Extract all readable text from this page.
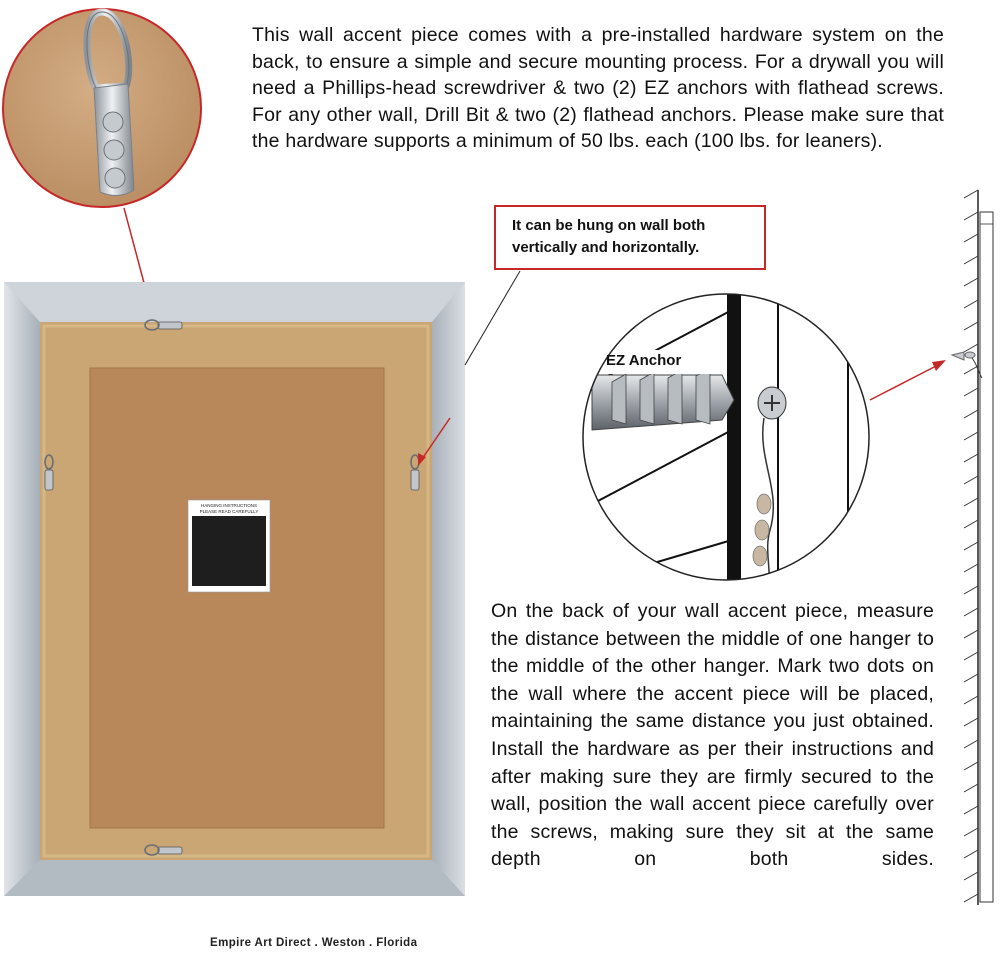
HANGING INSTRUCTIONS
PLEASE READ CAREFULLY
This wall accent piece comes with a pre-installed hardware system on the back, to ensure a simple and secure mounting process. For a drywall you will need a Phillips-head screwdriver & two (2) EZ anchors with flathead screws. For any other wall, Drill Bit & two (2) flathead anchors. Please make sure that the hardware supports a minimum of 50 lbs. each (100 lbs. for leaners).
It can be hung on wall both
vertically and horizontally.
EZ Anchor
On the back of your wall accent piece, measure the distance between the middle of one hanger to the middle of the other hanger. Mark two dots on the wall where the accent piece will be placed, maintaining the same distance you just obtained. Install the hardware as per their instructions and after making sure they are firmly secured to the wall, position the wall accent piece carefully over the screws, making sure they sit at the same depth on both sides.
Empire Art Direct . Weston . Florida
